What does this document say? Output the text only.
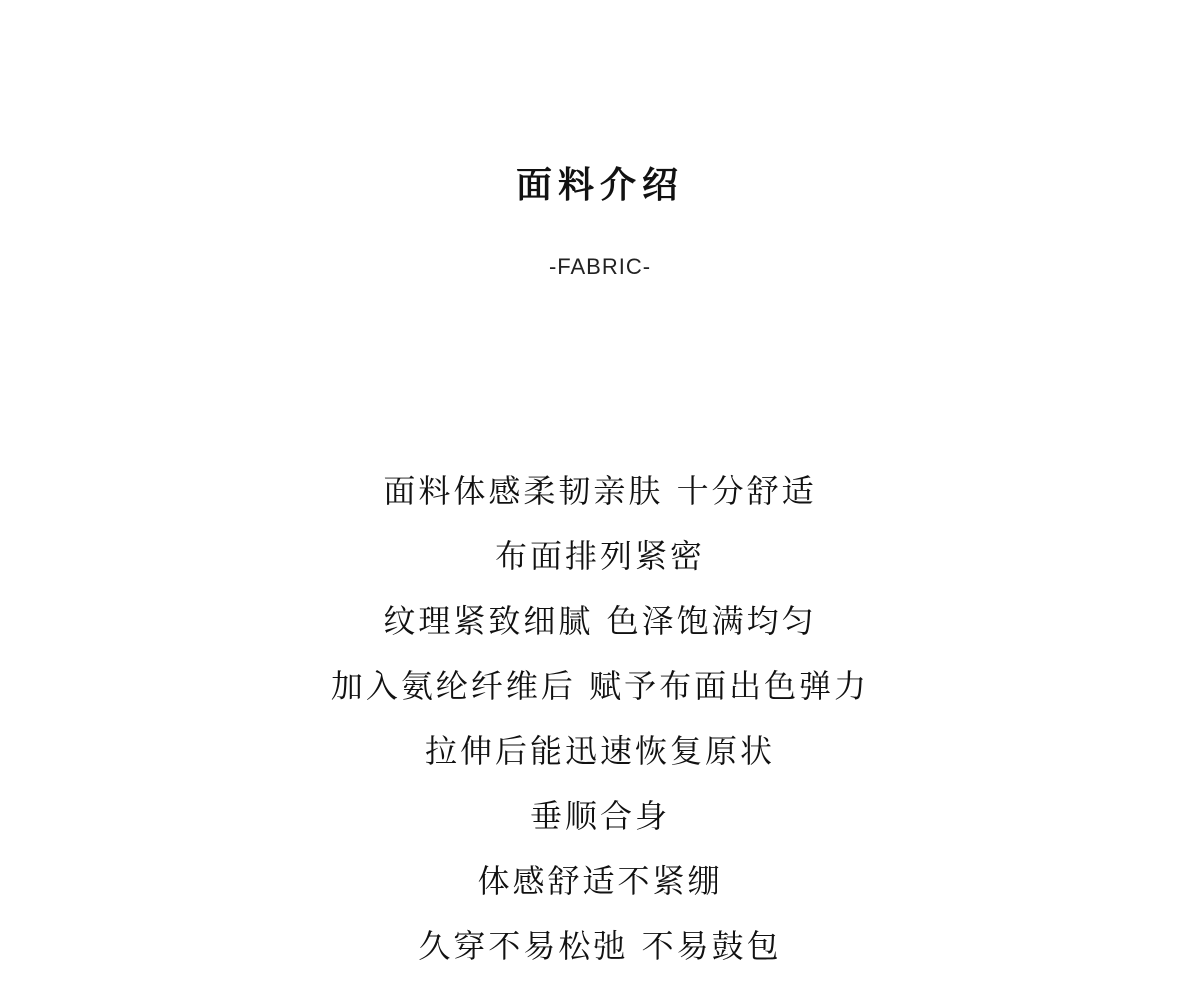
面料介绍
-FABRIC-
面料体感柔韧亲肤 十分舒适
布面排列紧密
纹理紧致细腻 色泽饱满均匀
加入氨纶纤维后 赋予布面出色弹力
拉伸后能迅速恢复原状
垂顺合身
体感舒适不紧绷
久穿不易松弛 不易鼓包
